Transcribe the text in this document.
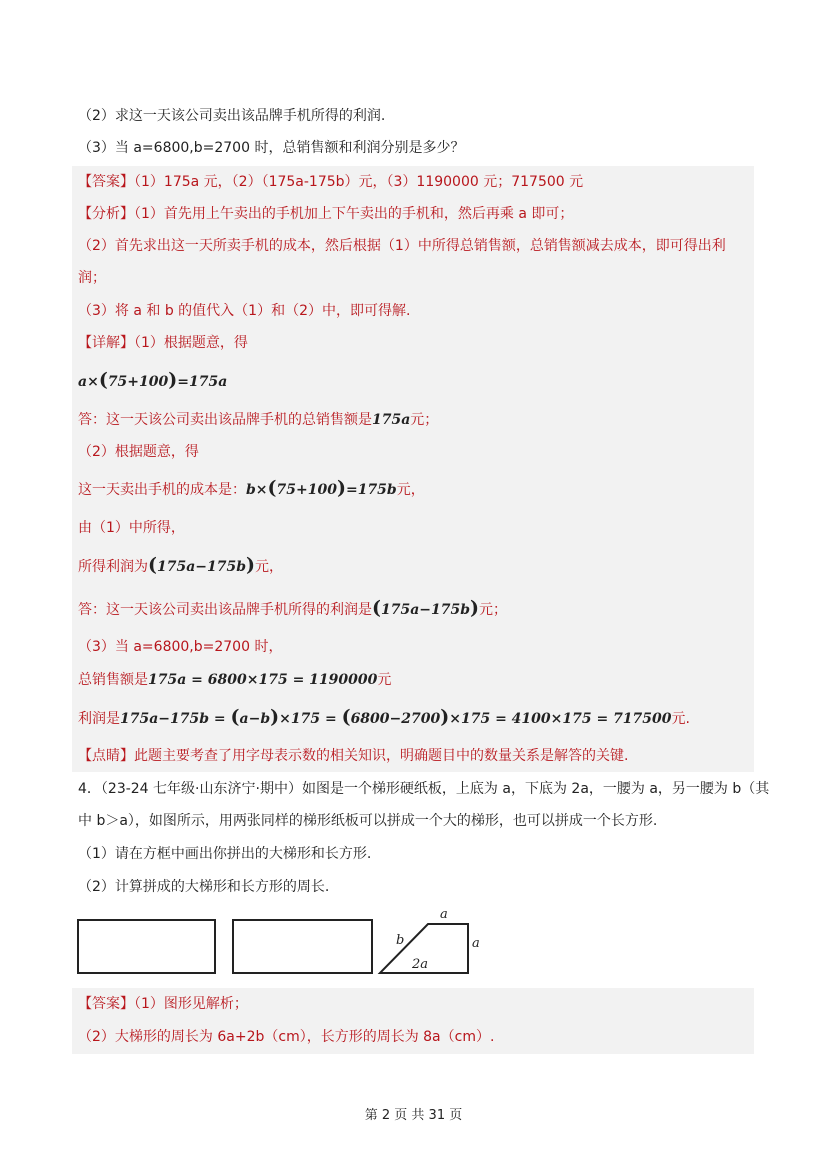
（2）求这一天该公司卖出该品牌手机所得的利润.
（3）当 a=6800,b=2700 时，总销售额和利润分别是多少？
【答案】（1）175a 元，（2）（175a-175b）元，（3）1190000 元；717500 元
【分析】（1）首先用上午卖出的手机加上下午卖出的手机和，然后再乘 a 即可；
（2）首先求出这一天所卖手机的成本，然后根据（1）中所得总销售额，总销售额减去成本，即可得出利
润；
（3）将 a 和 b 的值代入（1）和（2）中，即可得解.
【详解】（1）根据题意，得
a×(75+100)=175a
答：这一天该公司卖出该品牌手机的总销售额是175a元；
（2）根据题意，得
这一天卖出手机的成本是：b×(75+100)=175b元，
由（1）中所得，
所得利润为(175a−175b)元，
答：这一天该公司卖出该品牌手机所得的利润是(175a−175b)元；
（3）当 a=6800,b=2700 时，
总销售额是175a = 6800×175 = 1190000元
利润是175a−175b = (a−b)×175 = (6800−2700)×175 = 4100×175 = 717500元.
【点睛】此题主要考查了用字母表示数的相关知识，明确题目中的数量关系是解答的关键.
4．（23-24 七年级·山东济宁·期中）如图是一个梯形硬纸板，上底为 a，下底为 2a，一腰为 a，另一腰为 b（其
中 b＞a），如图所示，用两张同样的梯形纸板可以拼成一个大的梯形，也可以拼成一个长方形.
（1）请在方框中画出你拼出的大梯形和长方形.
（2）计算拼成的大梯形和长方形的周长.
a
a
b
2a
【答案】（1）图形见解析；
（2）大梯形的周长为 6a+2b（cm），长方形的周长为 8a（cm）.
第 2 页 共 31 页
